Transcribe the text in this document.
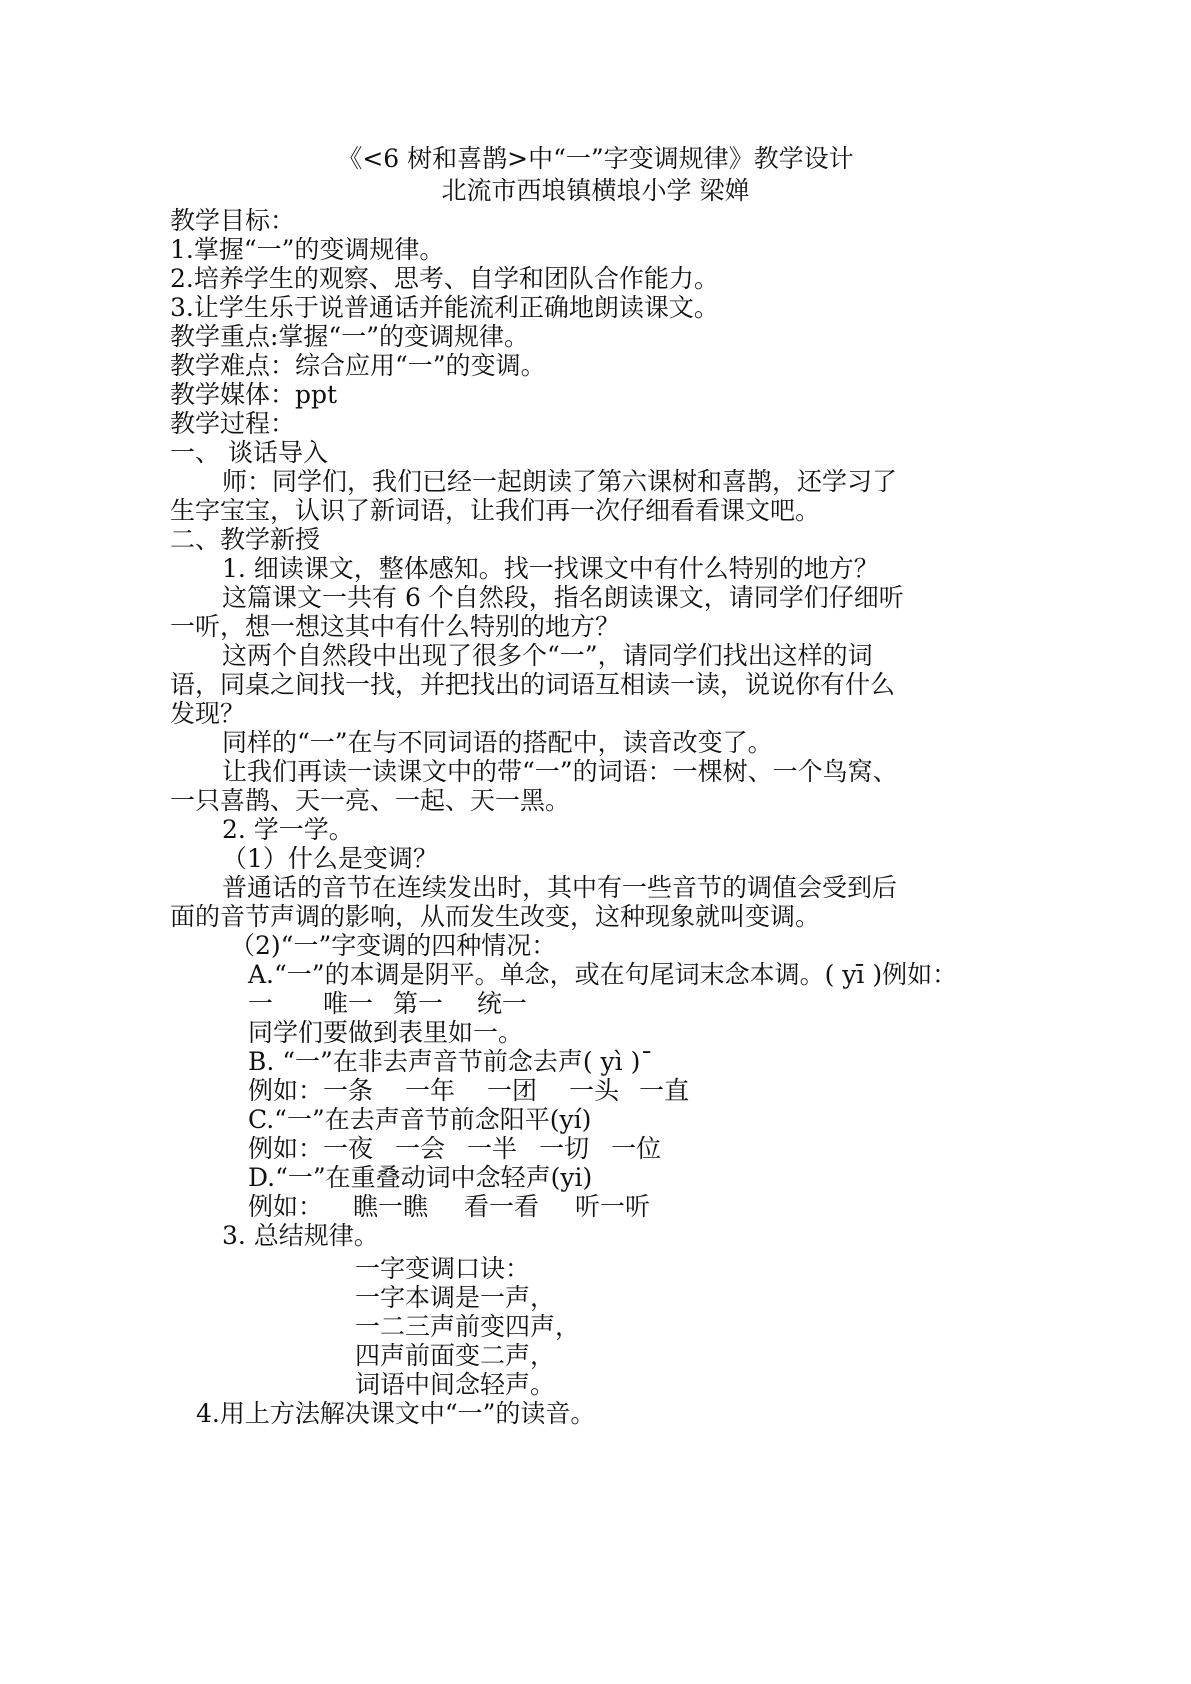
《<6 树和喜鹊>中“一”字变调规律》教学设计
北流市西埌镇横埌小学 梁婵
教学目标：
1.掌握“一”的变调规律。
2.培养学生的观察、思考、自学和团队合作能力。
3.让学生乐于说普通话并能流利正确地朗读课文。
教学重点:掌握“一”的变调规律。
教学难点：综合应用“一”的变调。
教学媒体：ppt
教学过程：
一、 谈话导入
师：同学们，我们已经一起朗读了第六课树和喜鹊，还学习了
生字宝宝，认识了新词语，让我们再一次仔细看看课文吧。
二、教学新授
1. 细读课文，整体感知。找一找课文中有什么特别的地方？
这篇课文一共有 6 个自然段，指名朗读课文，请同学们仔细听
一听，想一想这其中有什么特别的地方？
这两个自然段中出现了很多个“一”，请同学们找出这样的词
语，同桌之间找一找，并把找出的词语互相读一读，说说你有什么
发现？
同样的“一”在与不同词语的搭配中，读音改变了。
让我们再读一读课文中的带“一”的词语：一棵树、一个鸟窝、
一只喜鹊、天一亮、一起、天一黑。
2. 学一学。
（1）什么是变调？
普通话的音节在连续发出时，其中有一些音节的调值会受到后
面的音节声调的影响，从而发生改变，这种现象就叫变调。
（2)“一”字变调的四种情况：
A.“一”的本调是阴平。单念，或在句尾词末念本调。( yī )例如：
一 唯一 第一 统一
同学们要做到表里如一。
B. “一”在非去声音节前念去声( yì )ˉ
例如：一条 一年 一团 一头 一直
C.“一”在去声音节前念阳平(yí)
例如：一夜 一会 一半 一切 一位
D.“一”在重叠动词中念轻声(yi)
例如： 瞧一瞧 看一看 听一听
3. 总结规律。
一字变调口诀：
一字本调是一声，
一二三声前变四声，
四声前面变二声，
词语中间念轻声。
4.用上方法解决课文中“一”的读音。
